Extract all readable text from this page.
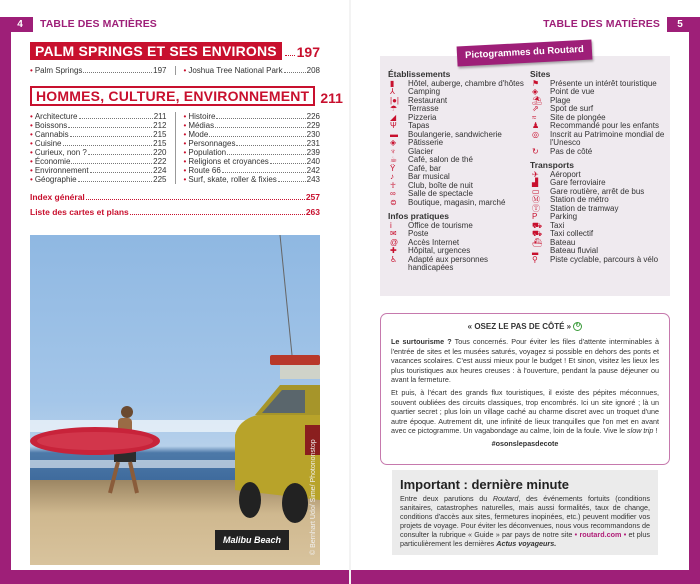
4	TABLE DES MATIÈRES	5
TABLE DES MATIÈRES
PALM SPRINGS ET SES ENVIRONS	197
• Palm Springs	197 • Joshua Tree National Park	208
HOMMES, CULTURE, ENVIRONNEMENT 211
• Architecture	211
• Boissons	212
• Cannabis	215
• Cuisine	215
• Curieux, non ?	220
• Économie	222
• Environnement	224
• Géographie	225
• Histoire	226
• Médias	229
• Mode	230
• Personnages	231
• Population	239
• Religions et croyances	240
• Route 66	242
• Surf, skate, roller & fixies	243
Index général	257
Liste des cartes et plans	263
Malibu Beach	© Bernhart Udo/ Sime/ Photononstop
Pictogrammes du Routard
Établissements
▮	Hôtel, auberge, chambre d'hôtes
⅄	Camping
|●|	Restaurant
☂	Terrasse
◢	Pizzeria
Ψ	Tapas
▬	Boulangerie, sandwicherie
◈	Pâtisserie
♆	Glacier
☕	Café, salon de thé
Ÿ	Café, bar
♪	Bar musical
☥	Club, boîte de nuit
∞	Salle de spectacle
⊜	Boutique, magasin, marché
Infos pratiques
i	Office de tourisme
✉	Poste
@	Accès Internet
✚	Hôpital, urgences
♿	Adapté aux personnes handicapées
Sites
⚑	Présente un intérêt touristique
◈	Point de vue
⛱ Plage
⇗	Spot de surf
≈	Site de plongée
♟	Recommandé pour les enfants
◎	Inscrit au Patrimoine mondial de l'Unesco
↻	Pas de côté
Transports
✈	Aéroport
▟	Gare ferroviaire
▭	Gare routière, arrêt de bus
Ⓜ	Station de métro
Ⓣ	Station de tramway
P	Parking
⛟ Taxi
⛟ Taxi collectif
⛴ Bateau
▂	Bateau fluvial
⚲	Piste cyclable, parcours à vélo
« OSEZ LE PAS DE CÔTÉ » ↻

Le surtourisme ? Tous concernés. Pour éviter les files d'attente interminables à l'entrée de sites et les musées saturés, voyagez si possible en dehors des ponts et vacances scolaires. C'est aussi mieux pour le budget ! Et sinon, visitez les lieux les plus touristiques aux heures creuses : à l'ouverture, pendant la pause déjeuner ou avant la fermeture.

Et puis, à l'écart des grands flux touristiques, il existe des pépites méconnues, souvent oubliées des circuits classiques, trop encombrés. Ici un site ignoré ; là un quartier secret ; plus loin un village caché au charme discret avec un troquet d'une autre époque. Autrement dit, une infinité de lieux tranquilles que l'on met en avant avec ce pictogramme. Un vagabondage au calme, loin de la foule. Vive le slow trip !

#osonslepasdecote
Important : dernière minute

Entre deux parutions du Routard, des événements fortuits (conditions sanitaires, catastrophes naturelles, mais aussi formalités, taux de change, conditions d'accès aux sites, fermetures inopinées, etc.) peuvent modifier vos projets de voyage. Pour éviter les déconvenues, nous vous recommandons de consulter la rubrique « Guide » par pays de notre site • routard.com • et plus particulièrement les dernières Actus voyageurs.
